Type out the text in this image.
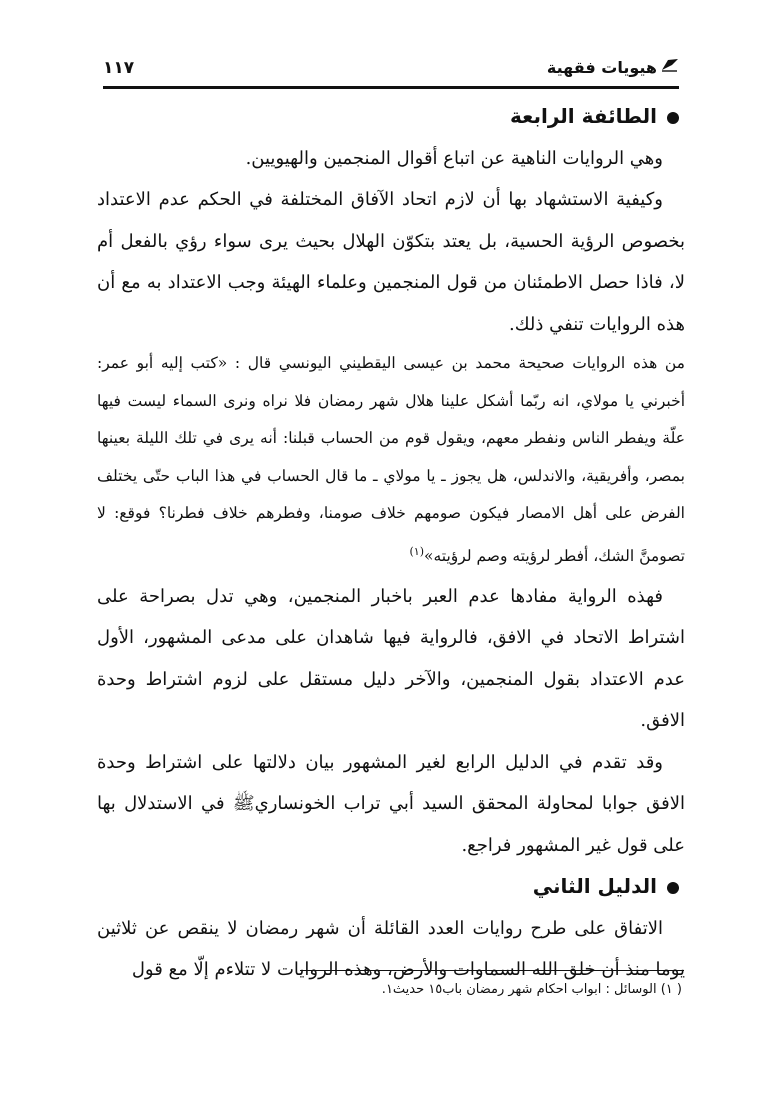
هيويات فقهية
١١٧
الطائفة الرابعة

وهي الروايات الناهية عن اتباع أقوال المنجمين والهيويين.

وكيفية الاستشهاد بها أن لازم اتحاد الآفاق المختلفة في الحكم عدم الاعتداد بخصوص الرؤية الحسية، بل يعتد بتكوّن الهلال بحيث يرى سواء رؤي بالفعل أم لا، فاذا حصل الاطمئنان من قول المنجمين وعلماء الهيئة وجب الاعتداد به مع أن هذه الروايات تنفي ذلك.

من هذه الروايات صحيحة محمد بن عيسى اليقطيني اليونسي قال : «كتب إليه أبو عمر: أخبرني يا مولاي، انه ربّما أشكل علينا هلال شهر رمضان فلا نراه ونرى السماء ليست فيها علّة ويفطر الناس ونفطر معهم، ويقول قوم من الحساب قبلنا: أنه يرى في تلك الليلة بعينها بمصر، وأفريقية، والاندلس، هل يجوز ـ يا مولاي ـ ما قال الحساب في هذا الباب حتّى يختلف الفرض على أهل الامصار فيكون صومهم خلاف صومنا، وفطرهم خلاف فطرنا؟ فوقع: لا تصومنَّ الشك، أفطر لرؤيته وصم لرؤيته»$^{(١)}$

فهذه الرواية مفادها عدم العبر باخبار المنجمين، وهي تدل بصراحة على اشتراط الاتحاد في الافق، فالرواية فيها شاهدان على مدعى المشهور، الأول عدم الاعتداد بقول المنجمين، والآخر دليل مستقل على لزوم اشتراط وحدة الافق.

وقد تقدم في الدليل الرابع لغير المشهور بيان دلالتها على اشتراط وحدة الافق جوابا لمحاولة المحقق السيد أبي تراب الخونساريﷺ في الاستدلال بها على قول غير المشهور فراجع.

الدليل الثاني

الاتفاق على طرح روايات العدد القائلة أن شهر رمضان لا ينقص عن ثلاثين يوما منذ أن خلق الله السماوات والأرض، وهذه الروايات لا تتلاءم إلّا مع قول

( ١) الوسائل : ابواب احكام شهر رمضان باب١٥ حديث١.
